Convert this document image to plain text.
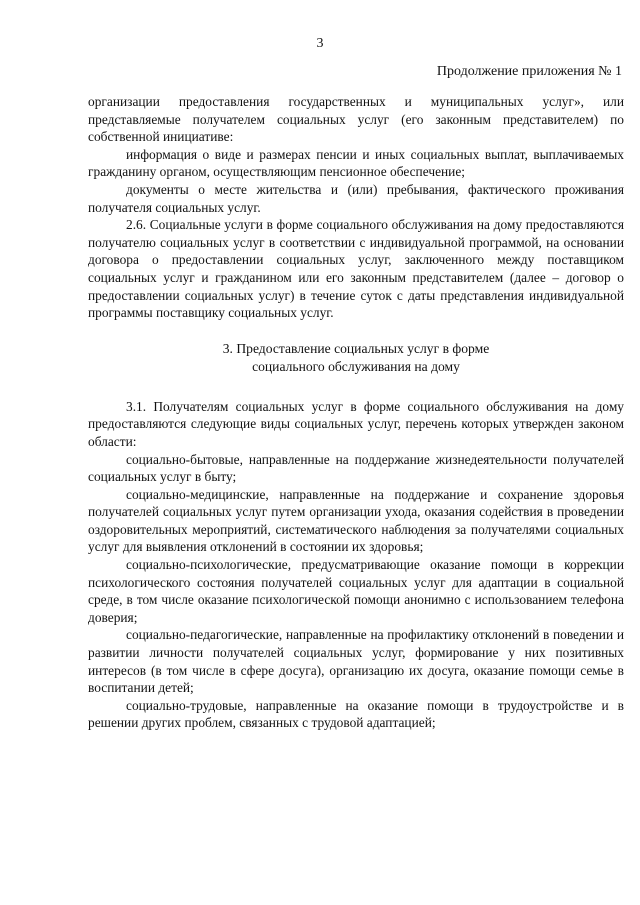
3
Продолжение приложения № 1

организации предоставления государственных и муниципальных услуг», или представляемые получателем социальных услуг (его законным представителем) по собственной инициативе:

информация о виде и размерах пенсии и иных социальных выплат, выплачиваемых гражданину органом, осуществляющим пенсионное обеспечение;

документы о месте жительства и (или) пребывания, фактического проживания получателя социальных услуг.

2.6. Социальные услуги в форме социального обслуживания на дому предоставляются получателю социальных услуг в соответствии с индивидуальной программой, на основании договора о предоставлении социальных услуг, заключенного между поставщиком социальных услуг и гражданином или его законным представителем (далее – договор о предоставлении социальных услуг) в течение суток с даты представления индивидуальной программы поставщику социальных услуг.

3. Предоставление социальных услуг в форме
социального обслуживания на дому

3.1. Получателям социальных услуг в форме социального обслуживания на дому предоставляются следующие виды социальных услуг, перечень которых утвержден законом области:

социально-бытовые, направленные на поддержание жизнедеятельности получателей социальных услуг в быту;

социально-медицинские, направленные на поддержание и сохранение здоровья получателей социальных услуг путем организации ухода, оказания содействия в проведении оздоровительных мероприятий, систематического наблюдения за получателями социальных услуг для выявления отклонений в состоянии их здоровья;

социально-психологические, предусматривающие оказание помощи в коррекции психологического состояния получателей социальных услуг для адаптации в социальной среде, в том числе оказание психологической помощи анонимно с использованием телефона доверия;

социально-педагогические, направленные на профилактику отклонений в поведении и развитии личности получателей социальных услуг, формирование у них позитивных интересов (в том числе в сфере досуга), организацию их досуга, оказание помощи семье в воспитании детей;

социально-трудовые, направленные на оказание помощи в трудоустройстве и в решении других проблем, связанных с трудовой адаптацией;
